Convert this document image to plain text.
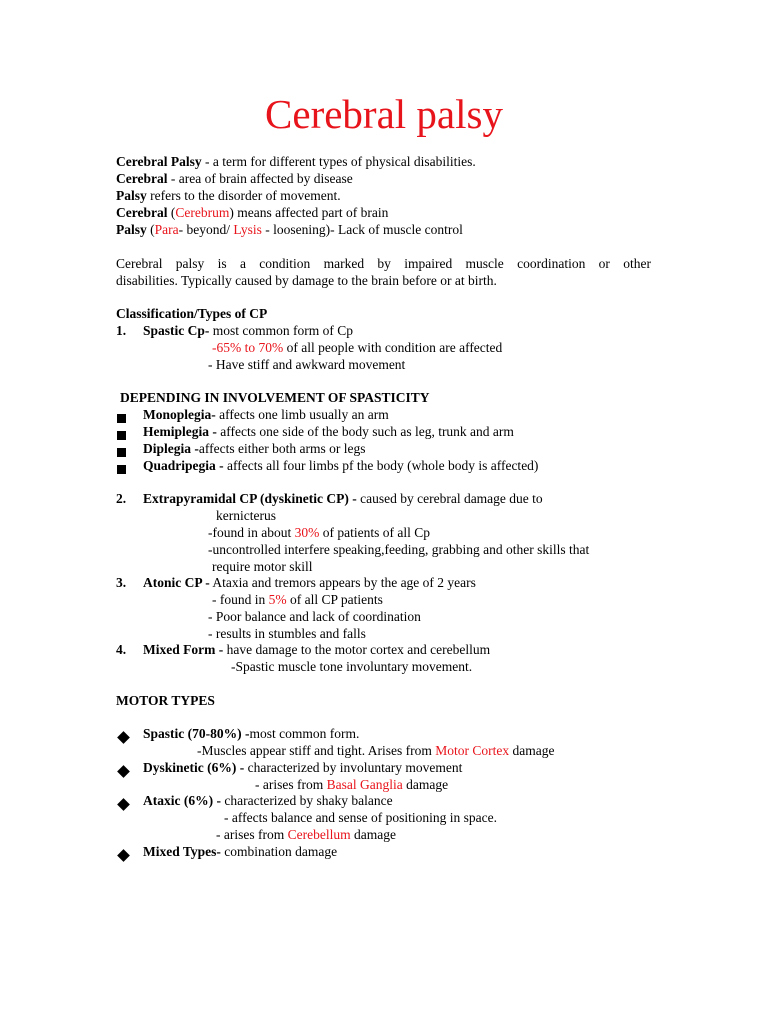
Cerebral palsy
Cerebral Palsy - a term for different types of physical disabilities.
Cerebral - area of brain affected by disease
Palsy refers to the disorder of movement.
Cerebral (Cerebrum) means affected part of brain
Palsy (Para- beyond/ Lysis - loosening)- Lack of muscle control
Cerebral palsy is a condition marked by impaired muscle coordination or other
disabilities. Typically caused by damage to the brain before or at birth.
Classification/Types of CP
1. Spastic Cp- most common form of Cp
-65% to 70% of all people with condition are affected
- Have stiff and awkward movement
DEPENDING IN INVOLVEMENT OF SPASTICITY
Monoplegia- affects one limb usually an arm
Hemiplegia - affects one side of the body such as leg, trunk and arm
Diplegia -affects either both arms or legs
Quadripegia - affects all four limbs pf the body (whole body is affected)
2. Extrapyramidal CP (dyskinetic CP) - caused by cerebral damage due to
kernicterus
-found in about 30% of patients of all Cp
-uncontrolled interfere speaking,feeding, grabbing and other skills that
require motor skill
3. Atonic CP - Ataxia and tremors appears by the age of 2 years
- found in 5% of all CP patients
- Poor balance and lack of coordination
- results in stumbles and falls
4. Mixed Form - have damage to the motor cortex and cerebellum
-Spastic muscle tone involuntary movement.
MOTOR TYPES
Spastic (70-80%) -most common form.
-Muscles appear stiff and tight. Arises from Motor Cortex damage
Dyskinetic (6%) - characterized by involuntary movement
- arises from Basal Ganglia damage
Ataxic (6%) - characterized by shaky balance
- affects balance and sense of positioning in space.
- arises from Cerebellum damage
Mixed Types- combination damage
